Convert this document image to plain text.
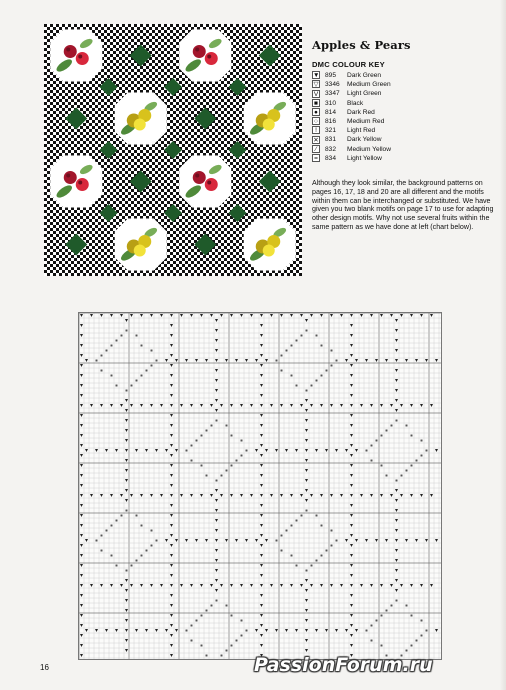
Apples & Pears
DMC COLOUR KEY
▼ 895 Dark Green
▽ 3346 Medium Green
V 3347 Light Green
■ 310 Black
● 814 Dark Red
○ 816 Medium Red
! 321 Light Red
✕ 831 Dark Yellow
∕ 832 Medium Yellow
= 834 Light Yellow
Although they look similar, the background patterns on pages 16, 17, 18 and 20 are all different and the motifs within them can be interchanged or substituted. We have given you two blank motifs on page 17 to use for adapting other design motifs. Why not use several fruits within the same pattern as we have done at left (chart below).
16	PassionForum.ru
